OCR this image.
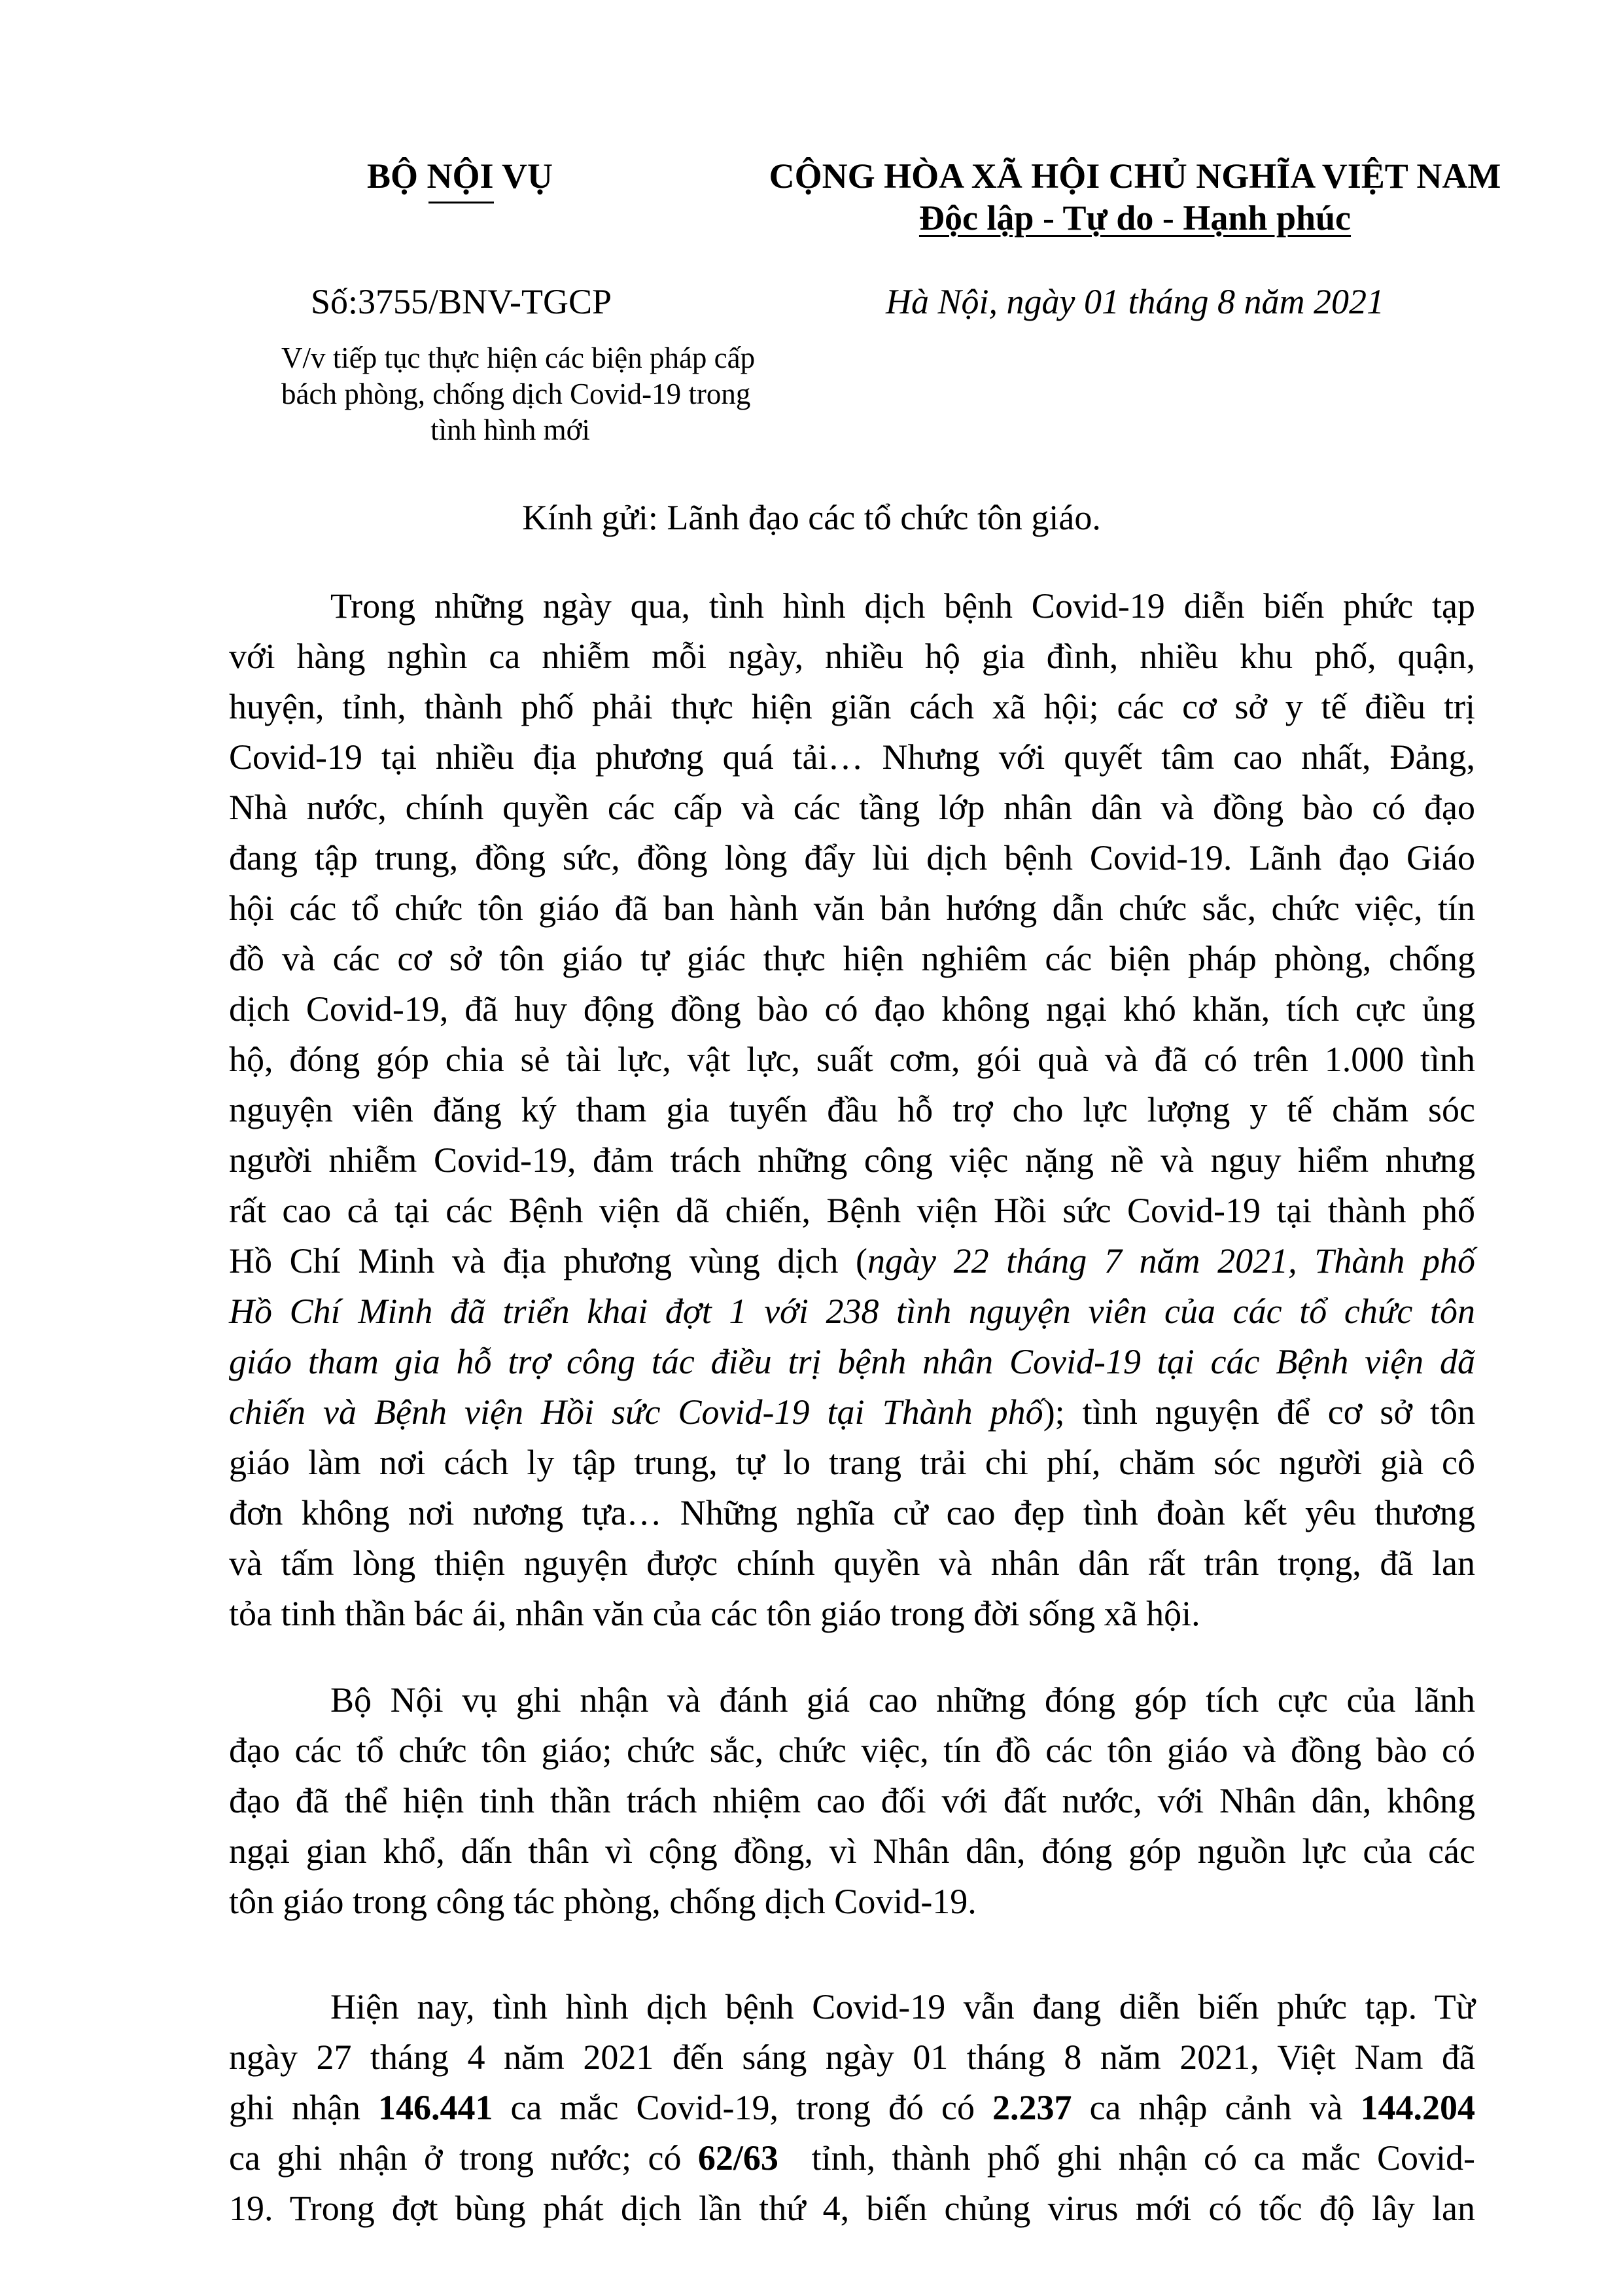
BỘ NỘI VỤ	CỘNG HÒA XÃ HỘI CHỦ NGHĨA VIỆT NAM
Độc lập - Tự do - Hạnh phúc
Số:3755/BNV-TGCP	Hà Nội, ngày 01 tháng 8 năm 2021
V/v tiếp tục thực hiện các biện pháp cấp
bách phòng, chống dịch Covid-19 trong
tình hình mới
Kính gửi: Lãnh đạo các tổ chức tôn giáo.
Trong những ngày qua, tình hình dịch bệnh Covid-19 diễn biến phức tạp
với hàng nghìn ca nhiễm mỗi ngày, nhiều hộ gia đình, nhiều khu phố, quận,
huyện, tỉnh, thành phố phải thực hiện giãn cách xã hội; các cơ sở y tế điều trị
Covid-19 tại nhiều địa phương quá tải… Nhưng với quyết tâm cao nhất, Đảng,
Nhà nước, chính quyền các cấp và các tầng lớp nhân dân và đồng bào có đạo
đang tập trung, đồng sức, đồng lòng đẩy lùi dịch bệnh Covid-19. Lãnh đạo Giáo
hội các tổ chức tôn giáo đã ban hành văn bản hướng dẫn chức sắc, chức việc, tín
đồ và các cơ sở tôn giáo tự giác thực hiện nghiêm các biện pháp phòng, chống
dịch Covid-19, đã huy động đồng bào có đạo không ngại khó khăn, tích cực ủng
hộ, đóng góp chia sẻ tài lực, vật lực, suất cơm, gói quà và đã có trên 1.000 tình
nguyện viên đăng ký tham gia tuyến đầu hỗ trợ cho lực lượng y tế chăm sóc
người nhiễm Covid-19, đảm trách những công việc nặng nề và nguy hiểm nhưng
rất cao cả tại các Bệnh viện dã chiến, Bệnh viện Hồi sức Covid-19 tại thành phố
Hồ Chí Minh và địa phương vùng dịch (ngày 22 tháng 7 năm 2021, Thành phố
Hồ Chí Minh đã triển khai đợt 1 với 238 tình nguyện viên của các tổ chức tôn
giáo tham gia hỗ trợ công tác điều trị bệnh nhân Covid-19 tại các Bệnh viện dã
chiến và Bệnh viện Hồi sức Covid-19 tại Thành phố); tình nguyện để cơ sở tôn
giáo làm nơi cách ly tập trung, tự lo trang trải chi phí, chăm sóc người già cô
đơn không nơi nương tựa… Những nghĩa cử cao đẹp tình đoàn kết yêu thương
và tấm lòng thiện nguyện được chính quyền và nhân dân rất trân trọng, đã lan
tỏa tinh thần bác ái, nhân văn của các tôn giáo trong đời sống xã hội.
Bộ Nội vụ ghi nhận và đánh giá cao những đóng góp tích cực của lãnh
đạo các tổ chức tôn giáo; chức sắc, chức việc, tín đồ các tôn giáo và đồng bào có
đạo đã thể hiện tinh thần trách nhiệm cao đối với đất nước, với Nhân dân, không
ngại gian khổ, dấn thân vì cộng đồng, vì Nhân dân, đóng góp nguồn lực của các
tôn giáo trong công tác phòng, chống dịch Covid-19.
Hiện nay, tình hình dịch bệnh Covid-19 vẫn đang diễn biến phức tạp. Từ
ngày 27 tháng 4 năm 2021 đến sáng ngày 01 tháng 8 năm 2021, Việt Nam đã
ghi nhận 146.441 ca mắc Covid-19, trong đó có 2.237 ca nhập cảnh và 144.204
ca ghi nhận ở trong nước; có 62/63  tỉnh, thành phố ghi nhận có ca mắc Covid-
19. Trong đợt bùng phát dịch lần thứ 4, biến chủng virus mới có tốc độ lây lan
